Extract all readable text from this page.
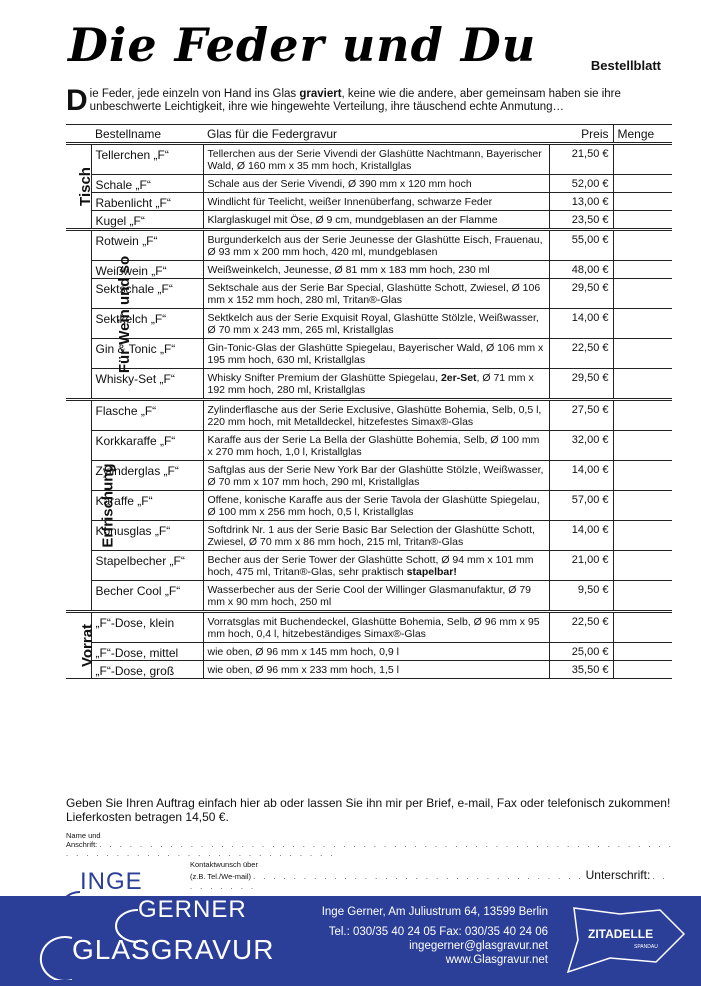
Die Feder und Du	Bestellblatt
Die Feder, jede einzeln von Hand ins Glas graviert, keine wie die andere, aber gemeinsam haben sie ihre unbeschwerte Leichtigkeit, ihre wie hingewehte Verteilung, ihre täuschend echte Anmutung…
	Bestellname	Glas für die Federgravur	Preis	Menge
Tisch	Tellerchen „F“	Tellerchen aus der Serie Vivendi der Glashütte Nachtmann, Bayerischer Wald, Ø 160 mm x 35 mm hoch, Kristallglas	21,50 €	
	Schale „F“	Schale aus der Serie Vivendi, Ø 390 mm x 120 mm hoch	52,00 €	
	Rabenlicht „F“	Windlicht für Teelicht, weißer Innenüberfang, schwarze Feder	13,00 €	
	Kugel „F“	Klarglaskugel mit Öse, Ø 9 cm, mundgeblasen an der Flamme	23,50 €	
Für Wein und so	Rotwein „F“	Burgunderkelch aus der Serie Jeunesse der Glashütte Eisch, Frauenau, Ø 93 mm x 200 mm hoch, 420 ml, mundgeblasen	55,00 €	
	Weißwein „F“	Weißweinkelch, Jeunesse, Ø 81 mm x 183 mm hoch, 230 ml	48,00 €	
	Sektschale „F“	Sektschale aus der Serie Bar Special, Glashütte Schott, Zwiesel, Ø 106 mm x 152 mm hoch, 280 ml, Tritan®-Glas	29,50 €	
	Sektkelch „F“	Sektkelch aus der Serie Exquisit Royal, Glashütte Stölzle, Weißwasser, Ø 70 mm x 243 mm, 265 ml, Kristallglas	14,00 €	
	Gin & Tonic „F“	Gin-Tonic-Glas der Glashütte Spiegelau, Bayerischer Wald, Ø 106 mm x 195 mm hoch, 630 ml, Kristallglas	22,50 €	
	Whisky-Set „F“	Whisky Snifter Premium der Glashütte Spiegelau, 2er-Set, Ø 71 mm x 192 mm hoch, 280 ml, Kristallglas	29,50 €	
Erfrischung	Flasche „F“	Zylinderflasche aus der Serie Exclusive, Glashütte Bohemia, Selb, 0,5 l, 220 mm hoch, mit Metalldeckel, hitzefestes Simax®-Glas	27,50 €	
	Korkkaraffe „F“	Karaffe aus der Serie La Bella der Glashütte Bohemia, Selb, Ø 100 mm x 270 mm hoch, 1,0 l, Kristallglas	32,00 €	
	Zylinderglas „F“	Saftglas aus der Serie New York Bar der Glashütte Stölzle, Weißwasser, Ø 70 mm x 107 mm hoch, 290 ml, Kristallglas	14,00 €	
	Karaffe „F“	Offene, konische Karaffe aus der Serie Tavola der Glashütte Spiegelau, Ø 100 mm x 256 mm hoch, 0,5 l, Kristallglas	57,00 €	
	Konusglas „F“	Softdrink Nr. 1 aus der Serie Basic Bar Selection der Glashütte Schott, Zwiesel, Ø 70 mm x 86 mm hoch, 215 ml, Tritan®-Glas	14,00 €	
	Stapelbecher „F“	Becher aus der Serie Tower der Glashütte Schott, Ø 94 mm x 101 mm hoch, 475 ml, Tritan®-Glas, sehr praktisch stapelbar!	21,00 €	
	Becher Cool „F“	Wasserbecher aus der Serie Cool der Willinger Glasmanufaktur, Ø 79 mm x 90 mm hoch, 250 ml	9,50 €	
Vorrat	„F“-Dose, klein	Vorratsglas mit Buchendeckel, Glashütte Bohemia, Selb, Ø 96 mm x 95 mm hoch, 0,4 l, hitzebeständiges Simax®-Glas	22,50 €	
	„F“-Dose, mittel	wie oben, Ø 96 mm x 145 mm hoch, 0,9 l	25,00 €	
	„F“-Dose, groß	wie oben, Ø 96 mm x 233 mm hoch, 1,5 l	35,50 €	
Geben Sie Ihren Auftrag einfach hier ab oder lassen Sie ihn mir per Brief, e-mail, Fax oder telefonisch zukommen! Lieferkosten betragen 14,50 €.
Name und
Anschrift: . . . . . . . . . . . . . . . . . . . . . . . . . . . . . . . . . . . . . . . . . . . . . . . . . . . . . . . . . . . . . . . . . . . . . . . . . . . . . . . . . . . .
Kontaktwunsch über
(z.B. Tel./We-mail) . . . . . . . . . . . . . . . . . . . . . . . . . . . . . . . . . Unterschrift: . . . . . . . . .
INGE
GERNER
GLASGRAVUR
Inge Gerner, Am Juliustrum 64, 13599 Berlin
Tel.: 030/35 40 24 05 Fax: 030/35 40 24 06
ingegerner@glasgravur.net
www.Glasgravur.net
ZITADELLE
SPANDAU
